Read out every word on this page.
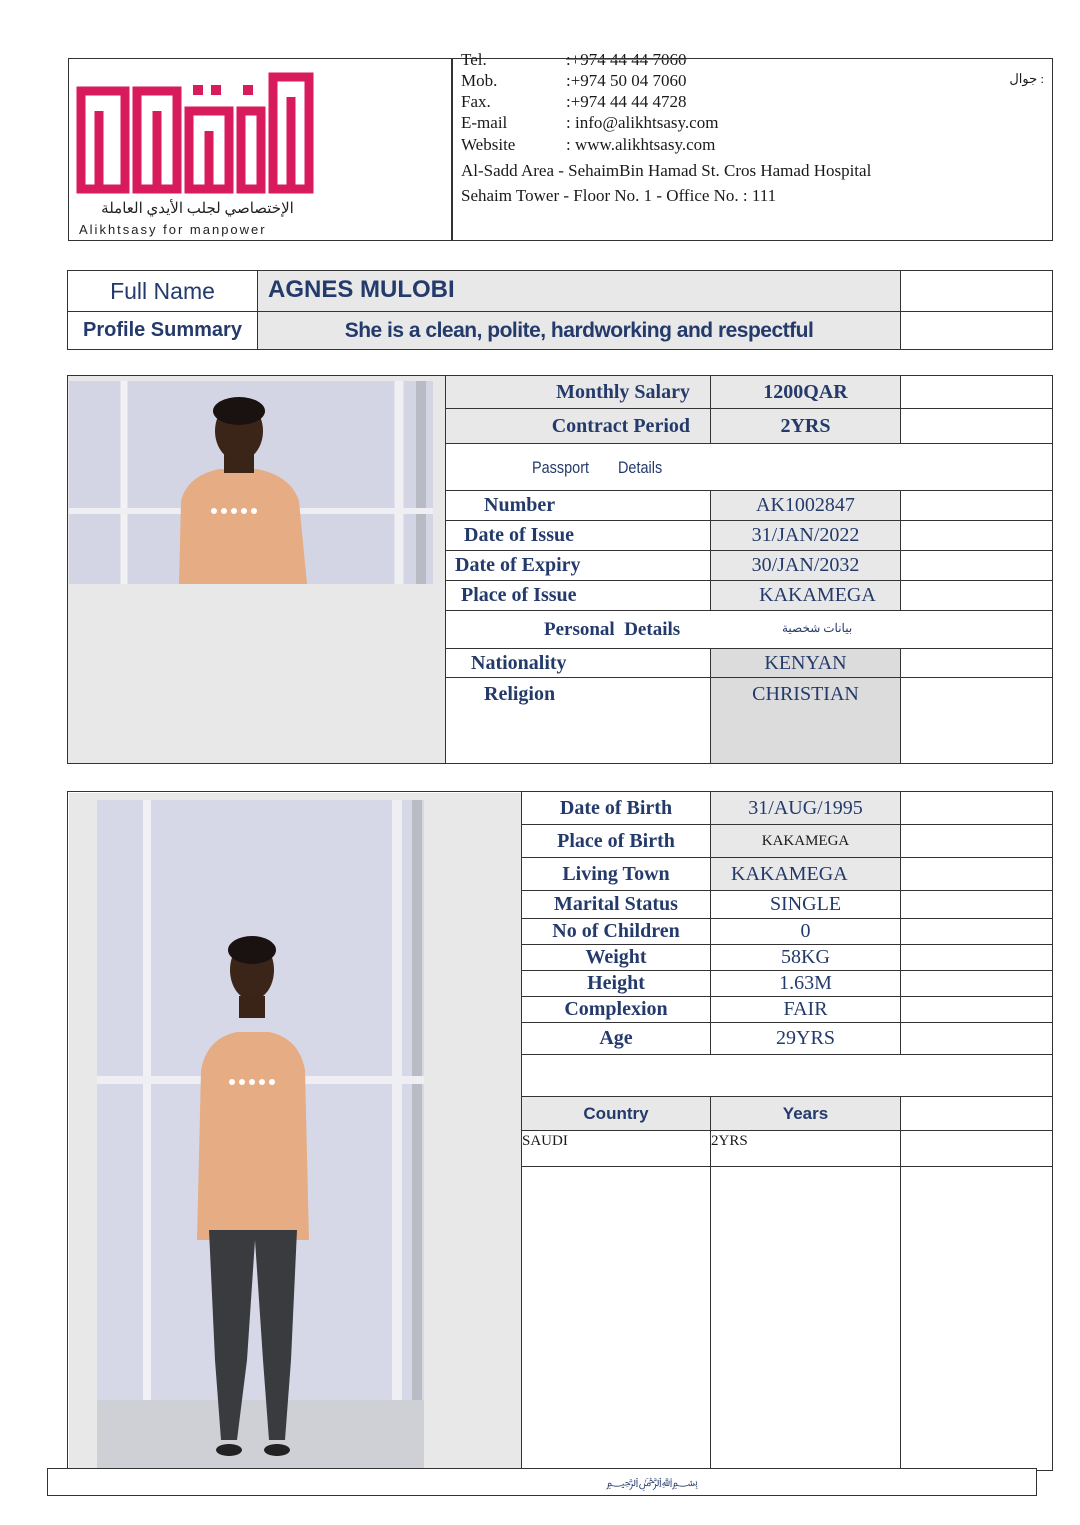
الإختصاصي لجلب الأيدي العاملة
Alikhtsasy for manpower
Tel.	:+974 44 44 7060
Mob.	:+974 50 04 7060
Fax.	:+974 44 44 4728
E-mail	: info@alikhtsasy.com
Website	: www.alikhtsasy.com
Al-Sadd Area - SehaimBin Hamad St. Cros Hamad Hospital
Sehaim Tower - Floor No. 1 - Office No. : 111
جوال :
Full Name	AGNES MULOBI
Profile Summary	She is a clean, polite, hardworking and respectful
Monthly Salary	1200QAR
Contract Period	2YRS
Passport Details
Number	AK1002847
Date of Issue	31/JAN/2022
Date of Expiry	30/JAN/2032
Place of Issue	KAKAMEGA
Personal  Details	بيانات شخصية
Nationality	KENYAN
Religion	CHRISTIAN
Date of Birth	31/AUG/1995
Place of Birth	KAKAMEGA
Living Town	KAKAMEGA
Marital Status	SINGLE
No of Children	0
Weight	58KG
Height	1.63M
Complexion	FAIR
Age	29YRS
Country	Years
SAUDI	2YRS
﷽
